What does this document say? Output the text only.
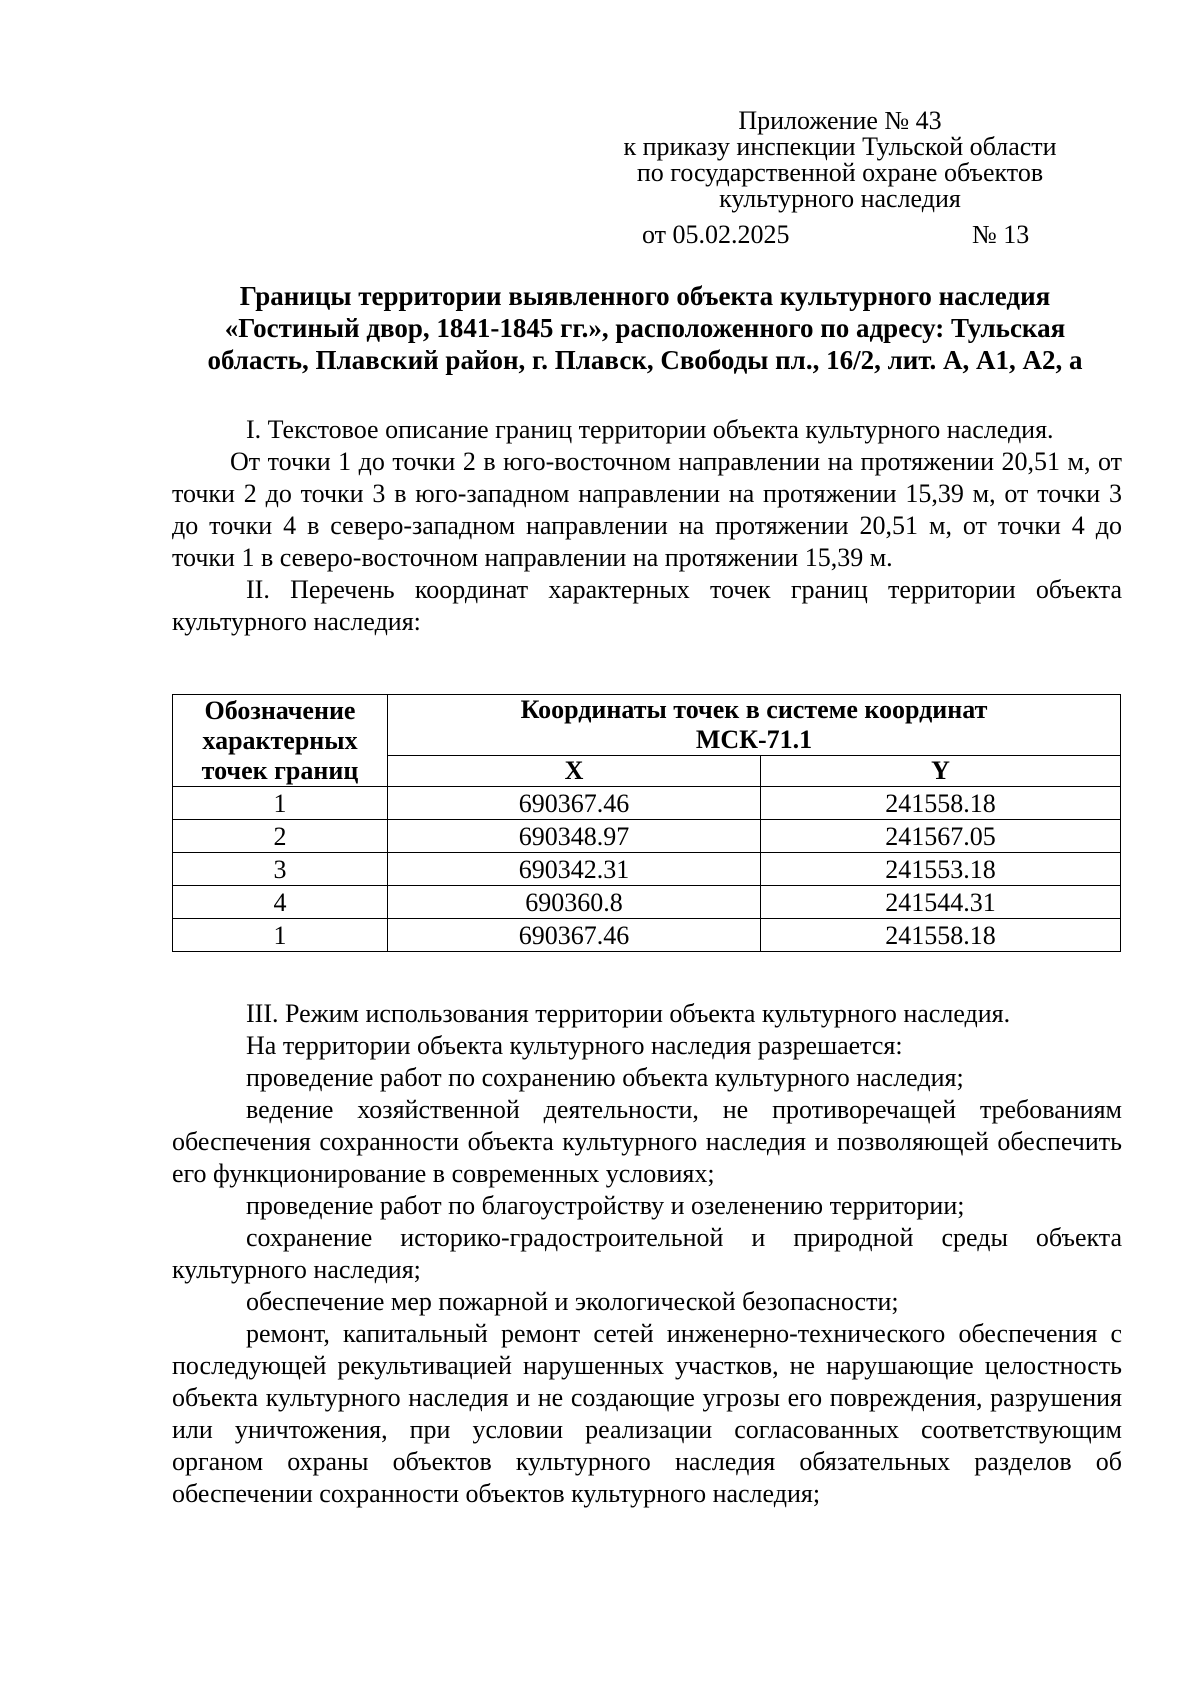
Приложение № 43
к приказу инспекции Тульской области
по государственной охране объектов
культурного наследия
от 05.02.2025	№ 13
Границы территории выявленного объекта культурного наследия
«Гостиный двор, 1841-1845 гг.», расположенного по адресу: Тульская
область, Плавский район, г. Плавск, Свободы пл., 16/2, лит. А, А1, А2, а

I. Текстовое описание границ территории объекта культурного наследия.

От точки 1 до точки 2 в юго-восточном направлении на протяжении 20,51 м, от точки 2 до точки 3 в юго-западном направлении на протяжении 15,39 м, от точки 3 до точки 4 в северо-западном направлении на протяжении 20,51 м, от точки 4 до точки 1 в северо-восточном направлении на протяжении 15,39 м.

II. Перечень координат характерных точек границ территории объекта культурного наследия:

Обозначение характерных точек границ	Координаты точек в системе координат
МСК-71.1	
	X	Y
1	690367.46	241558.18
2	690348.97	241567.05
3	690342.31	241553.18
4	690360.8	241544.31
1	690367.46	241558.18

III. Режим использования территории объекта культурного наследия.

На территории объекта культурного наследия разрешается:

проведение работ по сохранению объекта культурного наследия;

ведение хозяйственной деятельности, не противоречащей требованиям обеспечения сохранности объекта культурного наследия и позволяющей обеспечить его функционирование в современных условиях;

проведение работ по благоустройству и озеленению территории;

сохранение историко-градостроительной и природной среды объекта культурного наследия;

обеспечение мер пожарной и экологической безопасности;

ремонт, капитальный ремонт сетей инженерно-технического обеспечения с последующей рекультивацией нарушенных участков, не нарушающие целостность объекта культурного наследия и не создающие угрозы его повреждения, разрушения или уничтожения, при условии реализации согласованных соответствующим органом охраны объектов культурного наследия обязательных разделов об обеспечении сохранности объектов культурного наследия;
